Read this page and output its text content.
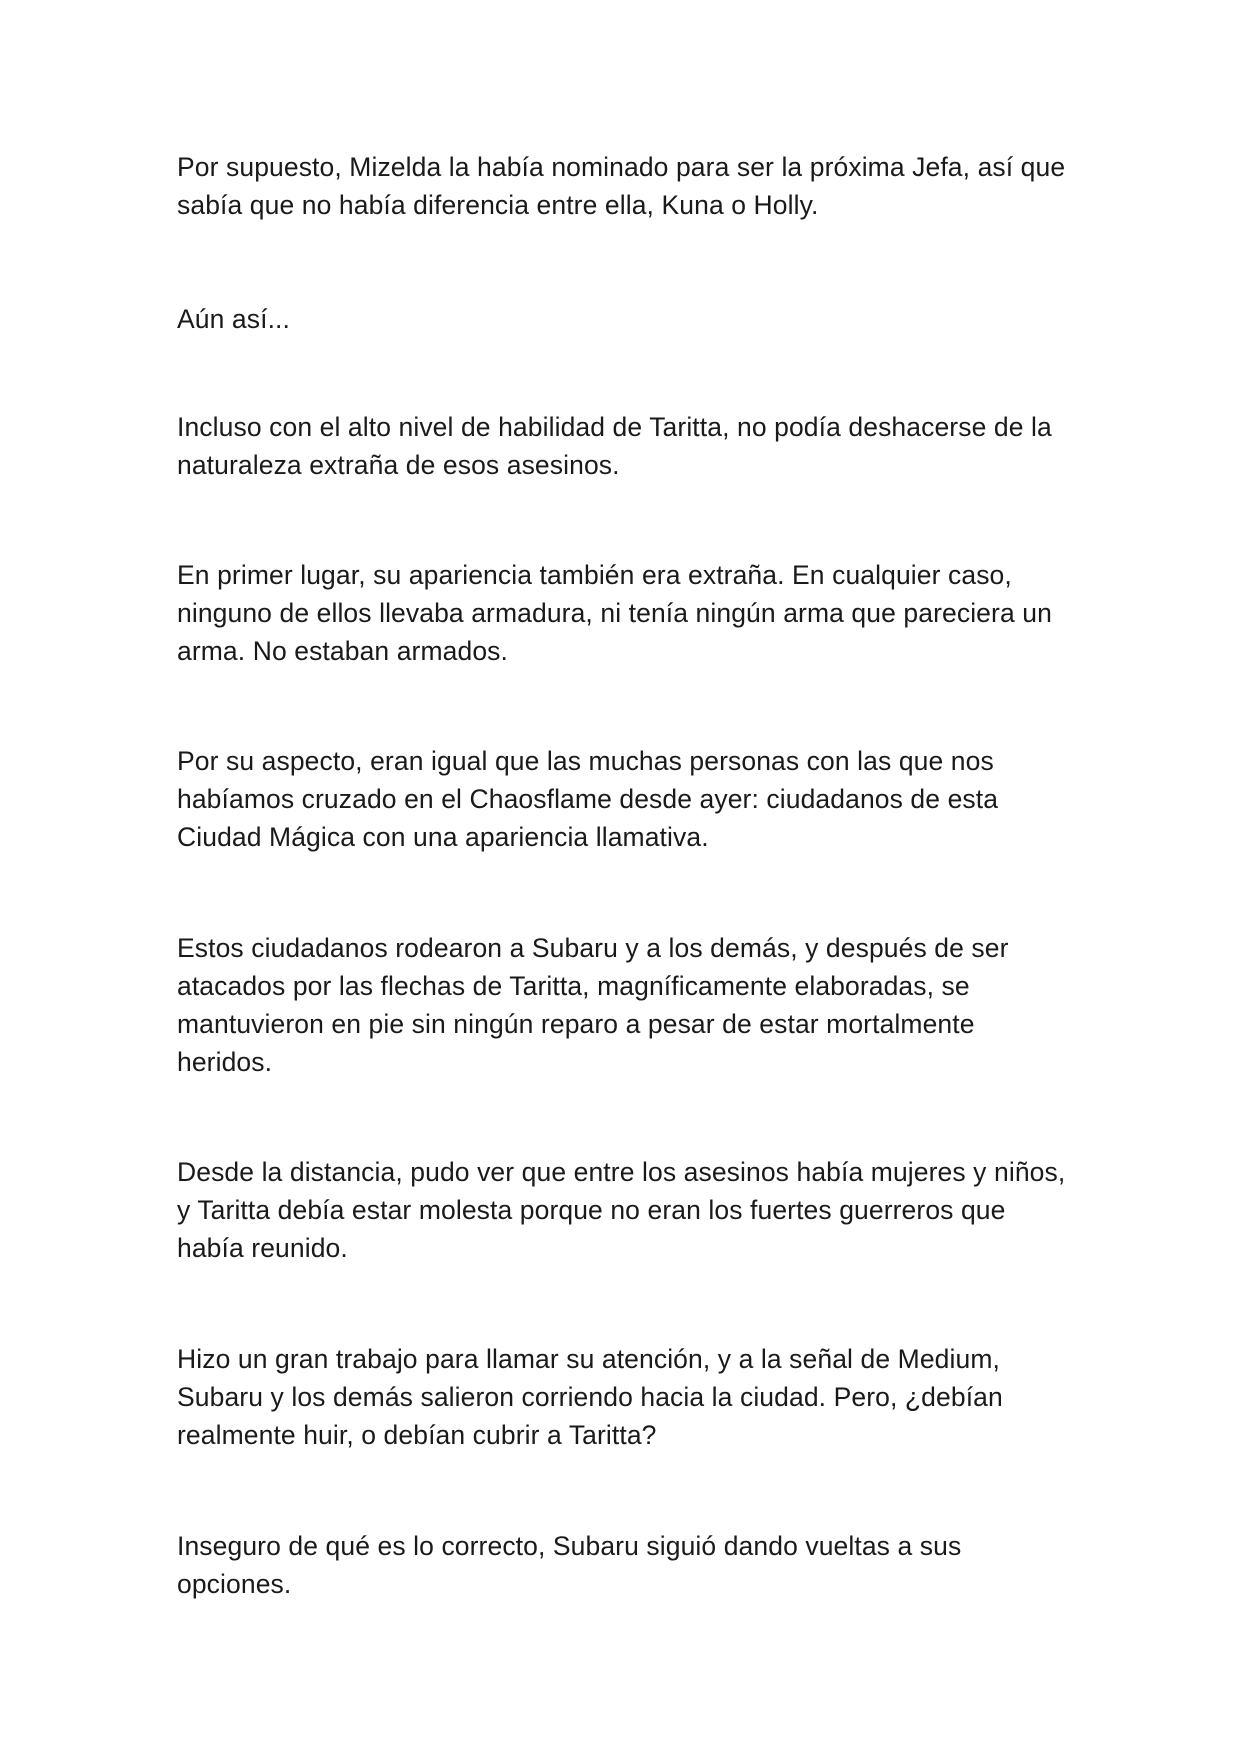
Por supuesto, Mizelda la había nominado para ser la próxima Jefa, así que
sabía que no había diferencia entre ella, Kuna o Holly.

Aún así...

Incluso con el alto nivel de habilidad de Taritta, no podía deshacerse de la
naturaleza extraña de esos asesinos.

En primer lugar, su apariencia también era extraña. En cualquier caso,
ninguno de ellos llevaba armadura, ni tenía ningún arma que pareciera un
arma. No estaban armados.

Por su aspecto, eran igual que las muchas personas con las que nos
habíamos cruzado en el Chaosflame desde ayer: ciudadanos de esta
Ciudad Mágica con una apariencia llamativa.

Estos ciudadanos rodearon a Subaru y a los demás, y después de ser
atacados por las flechas de Taritta, magníficamente elaboradas, se
mantuvieron en pie sin ningún reparo a pesar de estar mortalmente
heridos.

Desde la distancia, pudo ver que entre los asesinos había mujeres y niños,
y Taritta debía estar molesta porque no eran los fuertes guerreros que
había reunido.

Hizo un gran trabajo para llamar su atención, y a la señal de Medium,
Subaru y los demás salieron corriendo hacia la ciudad. Pero, ¿debían
realmente huir, o debían cubrir a Taritta?

Inseguro de qué es lo correcto, Subaru siguió dando vueltas a sus
opciones.
